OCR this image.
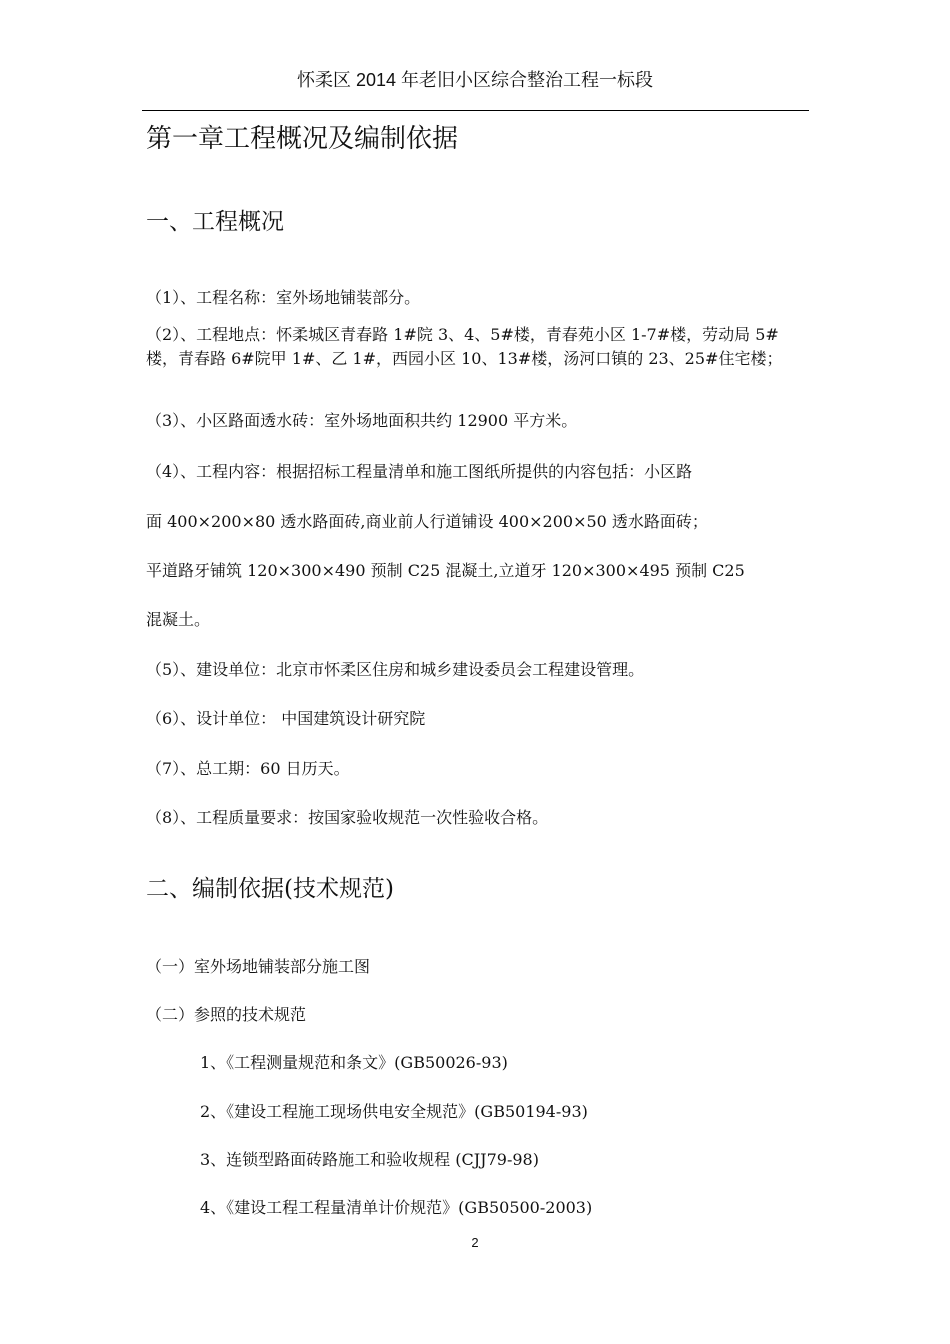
怀柔区 2014 年老旧小区综合整治工程一标段
第一章工程概况及编制依据
一、工程概况
（1）、工程名称：室外场地铺装部分。
（2）、工程地点：怀柔城区青春路 1#院 3、4、5#楼，青春苑小区 1-7#楼，劳动局 5#楼，青春路 6#院甲 1#、乙 1#，西园小区 10、13#楼，汤河口镇的 23、25#住宅楼；
（3）、小区路面透水砖：室外场地面积共约 12900 平方米。
（4）、工程内容：根据招标工程量清单和施工图纸所提供的内容包括：小区路
面 400×200×80 透水路面砖,商业前人行道铺设 400×200×50 透水路面砖；
平道路牙铺筑 120×300×490 预制 C25 混凝土,立道牙 120×300×495 预制 C25
混凝土。
（5）、建设单位：北京市怀柔区住房和城乡建设委员会工程建设管理。
（6）、设计单位： 中国建筑设计研究院
（7）、总工期：60 日历天。
（8）、工程质量要求：按国家验收规范一次性验收合格。
二、编制依据(技术规范)
（一）室外场地铺装部分施工图
（二）参照的技术规范
1、《工程测量规范和条文》(GB50026-93)
2、《建设工程施工现场供电安全规范》(GB50194-93)
3、连锁型路面砖路施工和验收规程 (CJJ79-98)
4、《建设工程工程量清单计价规范》(GB50500-2003)
2
